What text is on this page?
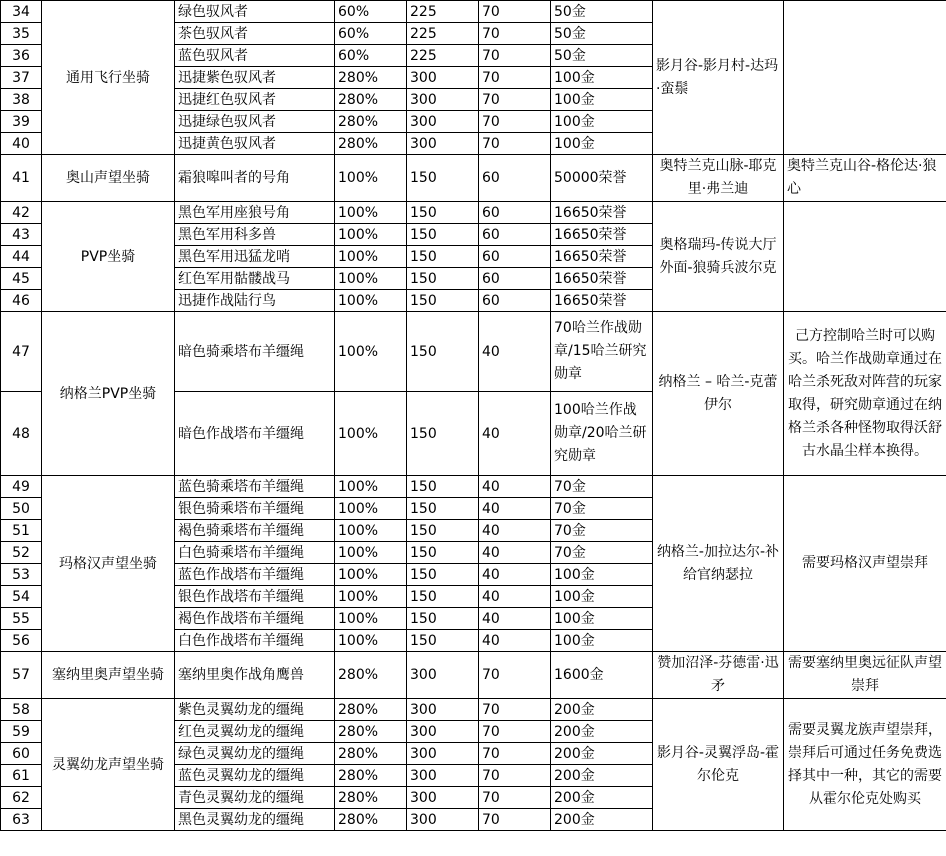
34	通用飞行坐骑	绿色驭风者	60%	225	70	50金	影月谷-影月村-达玛·蛮鬃	
35		茶色驭风者	60%	225	70	50金		
36		蓝色驭风者	60%	225	70	50金		
37		迅捷紫色驭风者	280%	300	70	100金		
38		迅捷红色驭风者	280%	300	70	100金		
39		迅捷绿色驭风者	280%	300	70	100金		
40		迅捷黄色驭风者	280%	300	70	100金		
41	奥山声望坐骑	霜狼嗥叫者的号角	100%	150	60	50000荣誉	奥特兰克山脉-耶克里·弗兰迪	奥特兰克山谷-格伦达·狼心
42	PVP坐骑	黑色军用座狼号角	100%	150	60	16650荣誉	奥格瑞玛-传说大厅外面-狼骑兵波尔克	
43		黑色军用科多兽	100%	150	60	16650荣誉		
44		黑色军用迅猛龙哨	100%	150	60	16650荣誉		
45		红色军用骷髅战马	100%	150	60	16650荣誉		
46		迅捷作战陆行鸟	100%	150	60	16650荣誉		
47	纳格兰PVP坐骑	暗色骑乘塔布羊缰绳	100%	150	40	70哈兰作战勋章/15哈兰研究勋章	纳格兰 – 哈兰-克蕾伊尔	己方控制哈兰时可以购买。哈兰作战勋章通过在哈兰杀死敌对阵营的玩家取得，研究勋章通过在纳格兰杀各种怪物取得沃舒古水晶尘样本换得。
48		暗色作战塔布羊缰绳	100%	150	40	100哈兰作战勋章/20哈兰研究勋章		
49	玛格汉声望坐骑	蓝色骑乘塔布羊缰绳	100%	150	40	70金	纳格兰-加拉达尔-补给官纳瑟拉	需要玛格汉声望崇拜
50		银色骑乘塔布羊缰绳	100%	150	40	70金		
51		褐色骑乘塔布羊缰绳	100%	150	40	70金		
52		白色骑乘塔布羊缰绳	100%	150	40	70金		
53		蓝色作战塔布羊缰绳	100%	150	40	100金		
54		银色作战塔布羊缰绳	100%	150	40	100金		
55		褐色作战塔布羊缰绳	100%	150	40	100金		
56		白色作战塔布羊缰绳	100%	150	40	100金		
57	塞纳里奥声望坐骑	塞纳里奥作战角鹰兽	280%	300	70	1600金	赞加沼泽-芬德雷·迅矛	需要塞纳里奥远征队声望崇拜
58	灵翼幼龙声望坐骑	紫色灵翼幼龙的缰绳	280%	300	70	200金	影月谷-灵翼浮岛-霍尔伦克	需要灵翼龙族声望崇拜，崇拜后可通过任务免费选择其中一种，其它的需要从霍尔伦克处购买
59		红色灵翼幼龙的缰绳	280%	300	70	200金		
60		绿色灵翼幼龙的缰绳	280%	300	70	200金		
61		蓝色灵翼幼龙的缰绳	280%	300	70	200金		
62		青色灵翼幼龙的缰绳	280%	300	70	200金		
63		黑色灵翼幼龙的缰绳	280%	300	70	200金		
